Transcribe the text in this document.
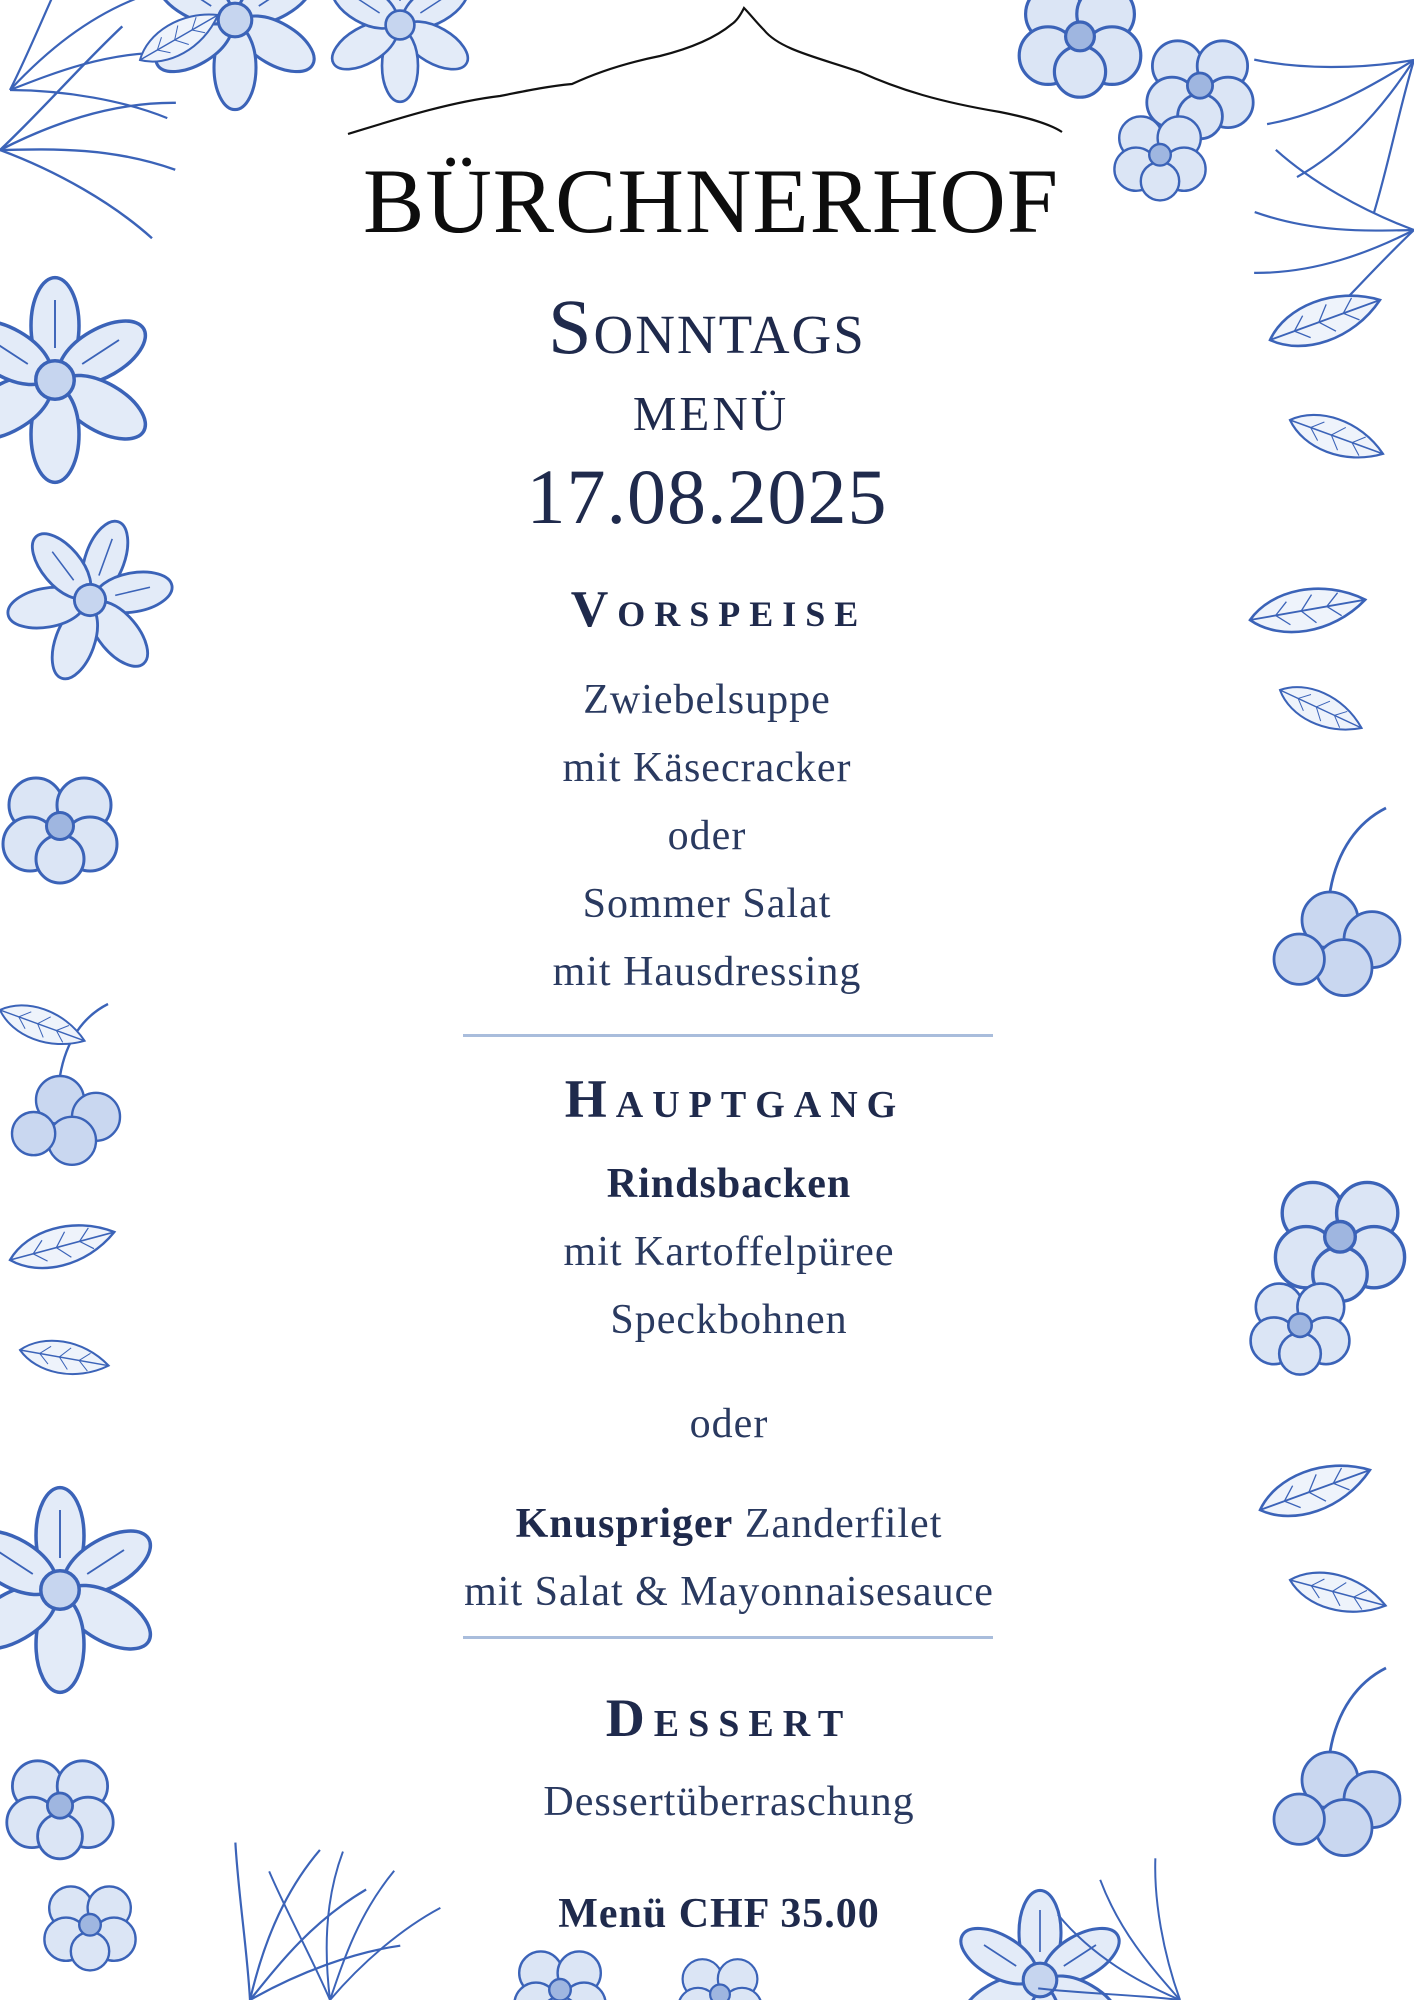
BÜRCHNERHOF
Sonntags
menü
17.08.2025
Vorspeise
Zwiebelsuppe
mit Käsecracker
oder
Sommer Salat
mit Hausdressing
Hauptgang
Rindsbacken
mit Kartoffelpüree
Speckbohnen
oder
Knuspriger Zanderfilet
mit Salat & Mayonnaisesauce
Dessert
Dessertüberraschung
Menü CHF 35.00
